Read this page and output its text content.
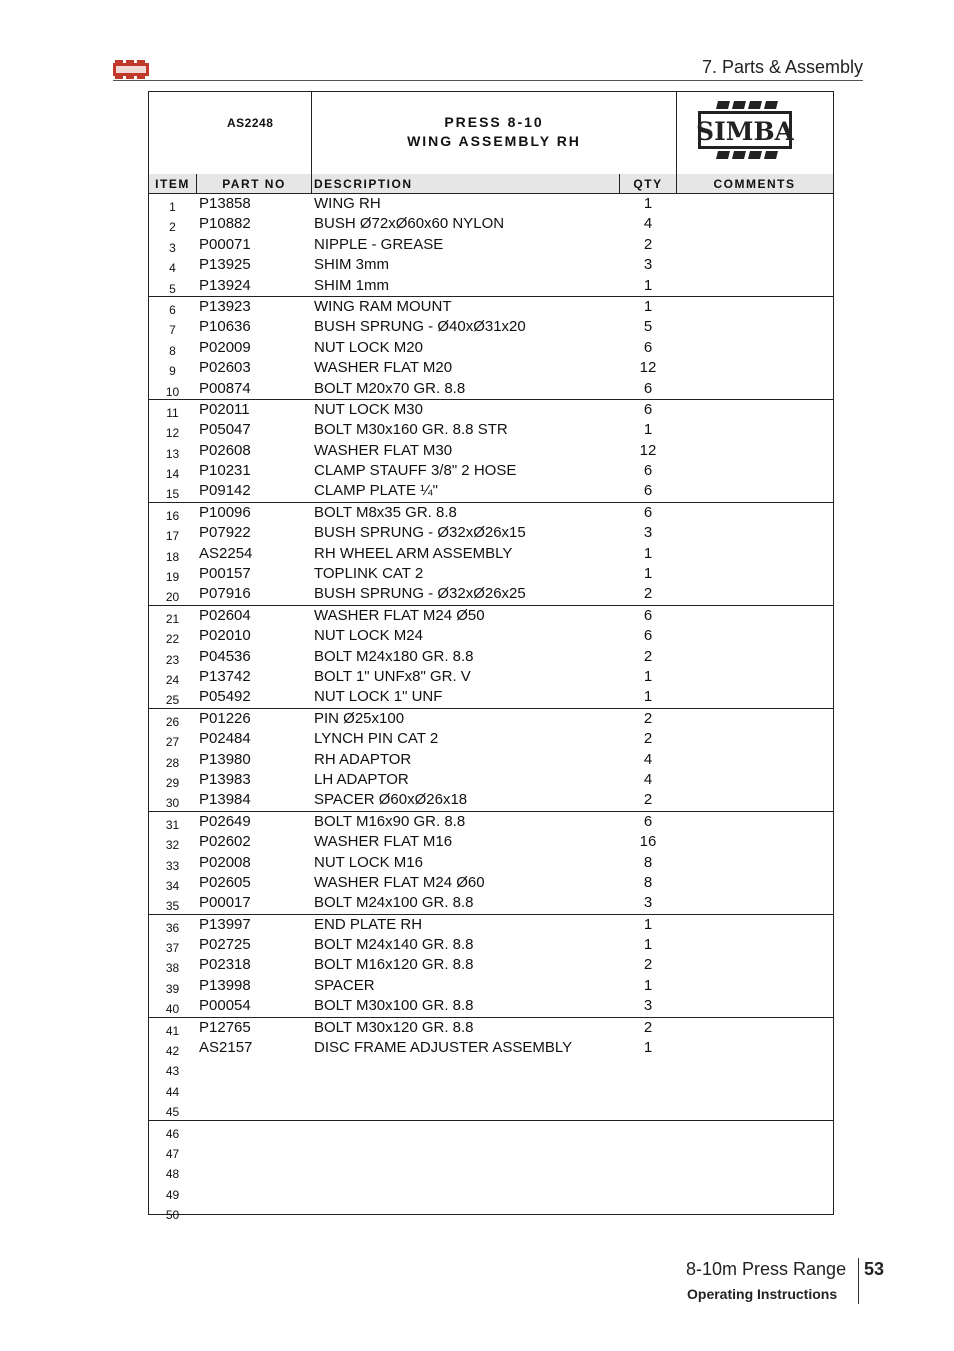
7. Parts & Assembly
AS2248	PRESS 8-10
WING ASSEMBLY RH	SIMBA
ITEM	PART NO	DESCRIPTION	QTY	COMMENTS
1	P13858	WING RH	1
2	P10882	BUSH Ø72xØ60x60 NYLON	4
3	P00071	NIPPLE - GREASE	2
4	P13925	SHIM 3mm	3
5	P13924	SHIM 1mm	1
6	P13923	WING RAM MOUNT	1
7	P10636	BUSH SPRUNG - Ø40xØ31x20	5
8	P02009	NUT LOCK M20	6
9	P02603	WASHER FLAT M20	12
10	P00874	BOLT M20x70 GR. 8.8	6
11	P02011	NUT LOCK M30	6
12	P05047	BOLT M30x160 GR. 8.8 STR	1
13	P02608	WASHER FLAT M30	12
14	P10231	CLAMP STAUFF 3/8" 2 HOSE	6
15	P09142	CLAMP PLATE ¼"	6
16	P10096	BOLT M8x35 GR. 8.8	6
17	P07922	BUSH SPRUNG - Ø32xØ26x15	3
18	AS2254	RH WHEEL ARM ASSEMBLY	1
19	P00157	TOPLINK CAT 2	1
20	P07916	BUSH SPRUNG - Ø32xØ26x25	2
21	P02604	WASHER FLAT M24 Ø50	6
22	P02010	NUT LOCK M24	6
23	P04536	BOLT M24x180 GR. 8.8	2
24	P13742	BOLT 1" UNFx8" GR. V	1
25	P05492	NUT LOCK 1" UNF	1
26	P01226	PIN Ø25x100	2
27	P02484	LYNCH PIN CAT 2	2
28	P13980	RH ADAPTOR	4
29	P13983	LH ADAPTOR	4
30	P13984	SPACER Ø60xØ26x18	2
31	P02649	BOLT M16x90 GR. 8.8	6
32	P02602	WASHER FLAT M16	16
33	P02008	NUT LOCK M16	8
34	P02605	WASHER FLAT M24 Ø60	8
35	P00017	BOLT M24x100 GR. 8.8	3
36	P13997	END PLATE RH	1
37	P02725	BOLT M24x140 GR. 8.8	1
38	P02318	BOLT M16x120 GR. 8.8	2
39	P13998	SPACER	1
40	P00054	BOLT M30x100 GR. 8.8	3
41	P12765	BOLT M30x120 GR. 8.8	2
42	AS2157	DISC FRAME ADJUSTER ASSEMBLY	1
43
44
45
46
47
48
49
50
8-10m Press Range 53
Operating Instructions
